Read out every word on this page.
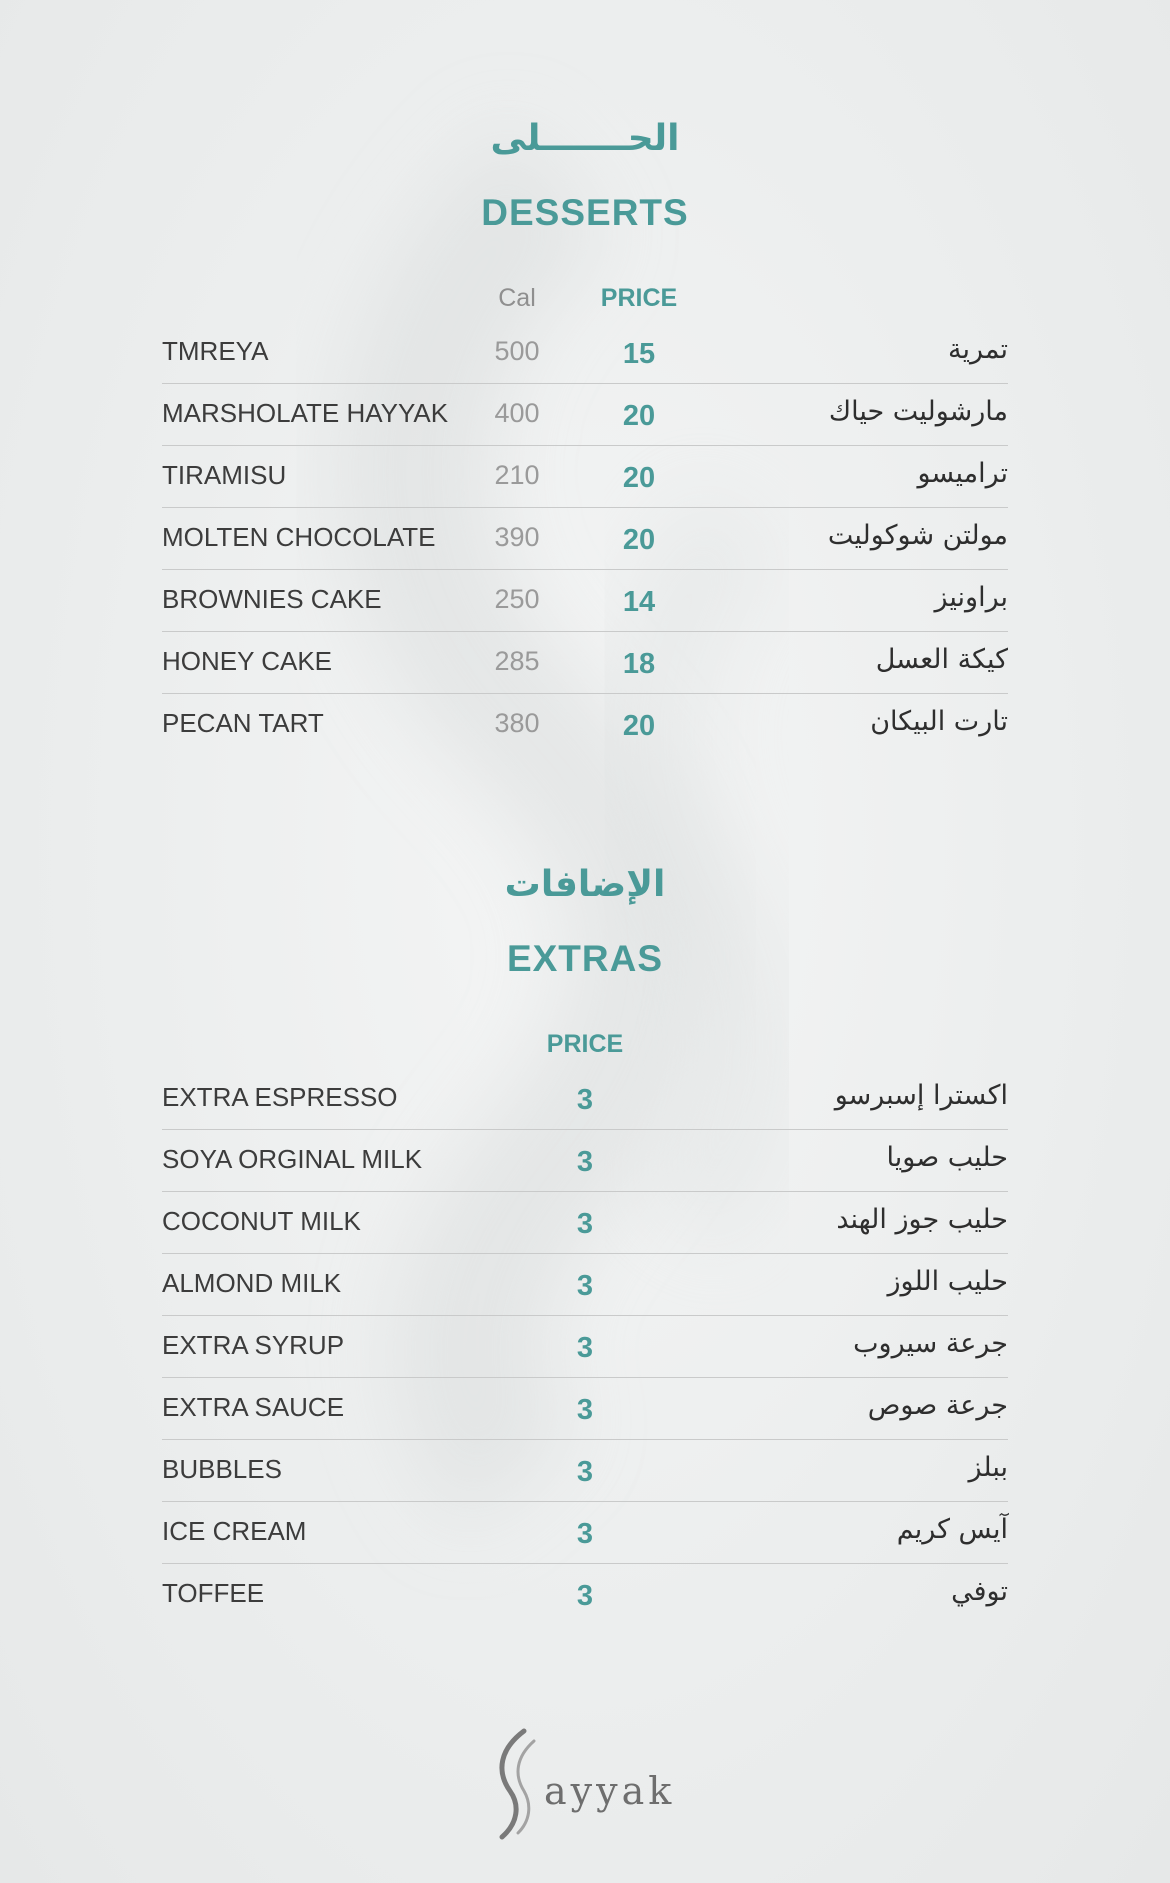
الحـــــــلى
DESSERTS
Cal	PRICE
TMREYA	500	15	تمرية
MARSHOLATE HAYYAK	400	20	مارشوليت حياك
TIRAMISU	210	20	تراميسو
MOLTEN CHOCOLATE	390	20	مولتن شوكوليت
BROWNIES CAKE	250	14	براونيز
HONEY CAKE	285	18	كيكة العسل
PECAN TART	380	20	تارت البيكان
الإضافات
EXTRAS
PRICE
EXTRA ESPRESSO	3	اكسترا إسبرسو
SOYA ORGINAL MILK	3	حليب صويا
COCONUT MILK	3	حليب جوز الهند
ALMOND MILK	3	حليب اللوز
EXTRA SYRUP	3	جرعة سيروب
EXTRA SAUCE	3	جرعة صوص
BUBBLES	3	ببلز
ICE CREAM	3	آيس كريم
TOFFEE	3	توفي
ayyak
